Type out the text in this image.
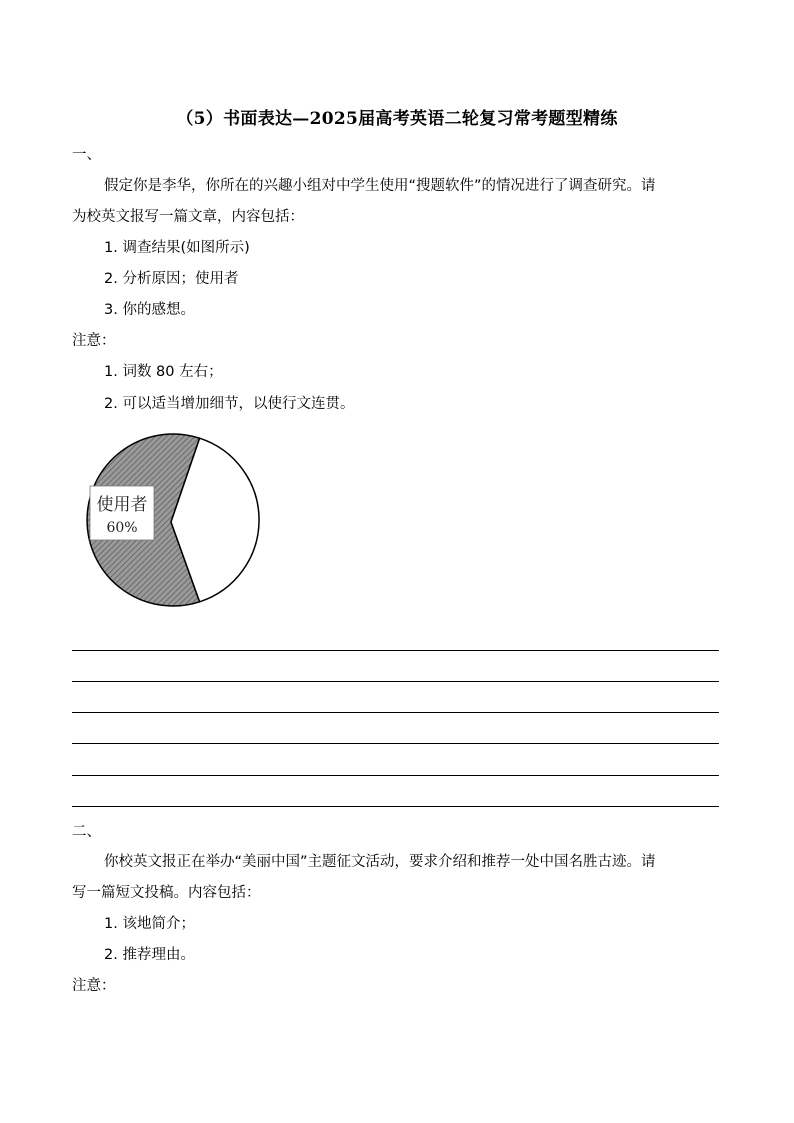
（5）书面表达—2025届高考英语二轮复习常考题型精练
一、
假定你是李华，你所在的兴趣小组对中学生使用“搜题软件”的情况进行了调查研究。请
为校英文报写一篇文章，内容包括：
1. 调查结果(如图所示)
2. 分析原因；使用者
3. 你的感想。
注意：
1. 词数 80 左右；
2. 可以适当增加细节，以使行文连贯。
使用者
60%
二、
你校英文报正在举办“美丽中国”主题征文活动，要求介绍和推荐一处中国名胜古迹。请
写一篇短文投稿。内容包括：
1. 该地简介；
2. 推荐理由。
注意：
